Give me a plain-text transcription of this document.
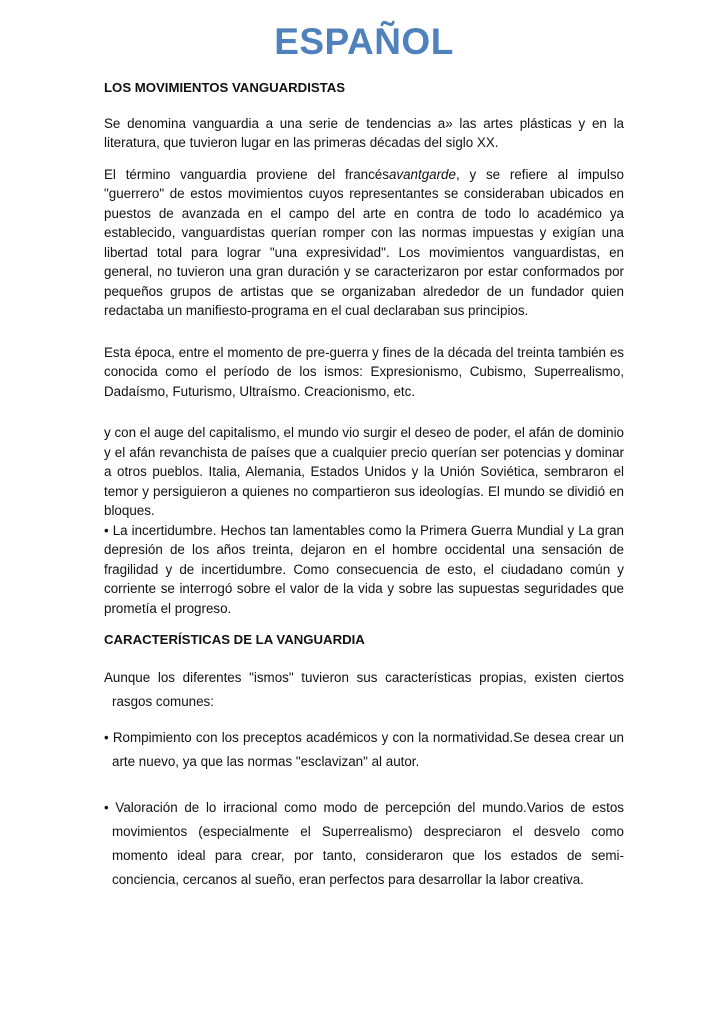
ESPAÑOL
LOS MOVIMIENTOS VANGUARDISTAS

Se denomina vanguardia a una serie de tendencias a» las artes plásticas y en la literatura, que tuvieron lugar en las primeras décadas del siglo XX.

El término vanguardia proviene del francésavantgarde, y se refiere al impulso "guerrero" de estos movimientos cuyos representantes se consideraban ubicados en puestos de avanzada en el campo del arte en contra de todo lo académico ya establecido, vanguardistas querían romper con las normas impuestas y exigían una libertad total para lograr "una expresividad". Los movimientos vanguardistas, en general, no tuvieron una gran duración y se caracterizaron por estar conformados por pequeños grupos de artistas que se organizaban alrededor de un fundador quien redactaba un manifiesto-programa en el cual declaraban sus principios.

Esta época, entre el momento de pre-guerra y fines de la década del treinta también es conocida como el período de los ismos: Expresionismo, Cubismo, Superrealismo, Dadaísmo, Futurismo, Ultraísmo. Creacionismo, etc.

y con el auge del capitalismo, el mundo vio surgir el deseo de poder, el afán de dominio y el afán revanchista de países que a cualquier precio querían ser potencias y dominar a otros pueblos. Italia, Alemania, Estados Unidos y la Unión Soviética, sembraron el temor y persiguieron a quienes no compartieron sus ideologías. El mundo se dividió en bloques.

• La incertidumbre. Hechos tan lamentables como la Primera Guerra Mundial y La gran depresión de los años treinta, dejaron en el hombre occidental una sensación de fragilidad y de incertidumbre. Como consecuencia de esto, el ciudadano común y corriente se interrogó sobre el valor de la vida y sobre las supuestas seguridades que prometía el progreso.

CARACTERÍSTICAS DE LA VANGUARDIA

Aunque los diferentes "ismos" tuvieron sus características propias, existen ciertos rasgos comunes:

• Rompimiento con los preceptos académicos y con la normatividad.Se desea crear un arte nuevo, ya que las normas "esclavizan" al autor.

• Valoración de lo irracional como modo de percepción del mundo.Varios de estos movimientos (especialmente el Superrealismo) despreciaron el desvelo como momento ideal para crear, por tanto, consideraron que los estados de semi-conciencia, cercanos al sueño, eran perfectos para desarrollar la labor creativa.
